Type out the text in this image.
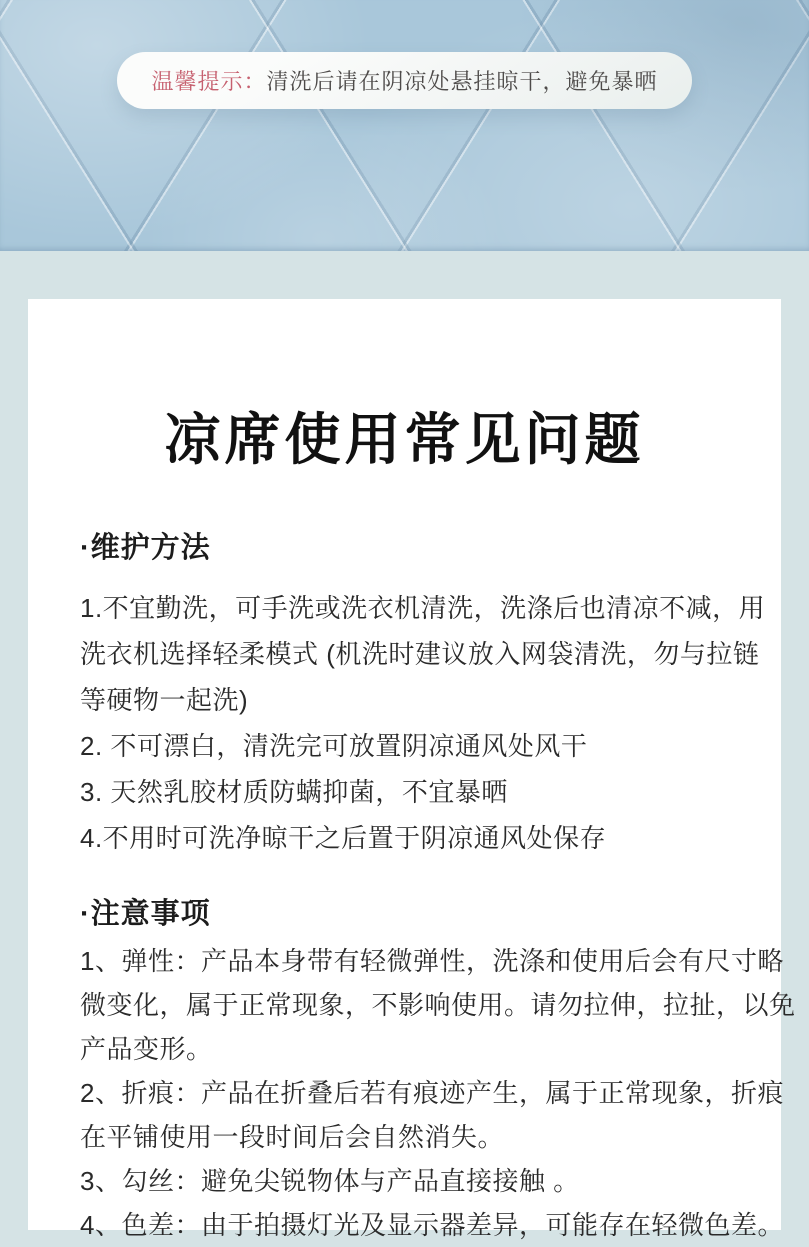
温馨提示： 清洗后请在阴凉处悬挂晾干，避免暴晒
凉席使用常见问题
·维护方法
1.不宜勤洗，可手洗或洗衣机清洗，洗涤后也清凉不减，用
洗衣机选择轻柔模式 (机洗时建议放入网袋清洗，勿与拉链
等硬物一起洗)
2. 不可漂白，清洗完可放置阴凉通风处风干
3. 天然乳胶材质防螨抑菌，不宜暴晒
4.不用时可洗净晾干之后置于阴凉通风处保存
·注意事项
1、弹性：产品本身带有轻微弹性，洗涤和使用后会有尺寸略
微变化，属于正常现象，不影响使用。请勿拉伸，拉扯，以免
产品变形。
2、折痕：产品在折叠后若有痕迹产生，属于正常现象，折痕
在平铺使用一段时间后会自然消失。
3、勾丝：避免尖锐物体与产品直接接触 。
4、色差：由于拍摄灯光及显示器差异，可能存在轻微色差。
